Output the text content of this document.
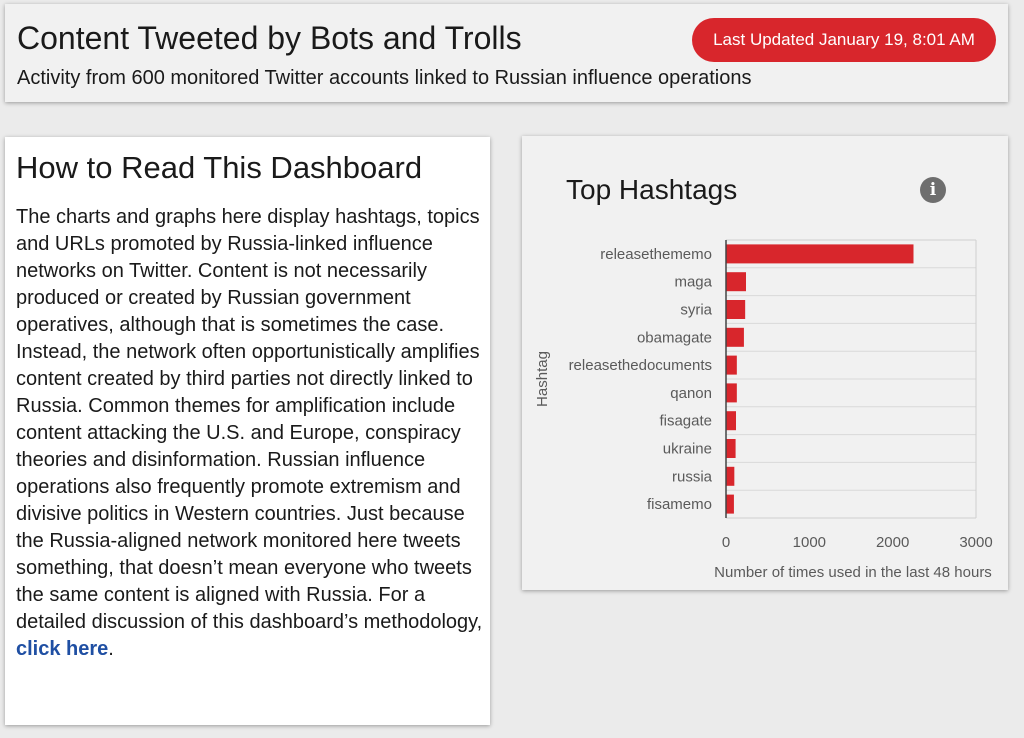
Content Tweeted by Bots and Trolls
Activity from 600 monitored Twitter accounts linked to Russian influence operations
Last Updated January 19, 8:01 AM
How to Read This Dashboard
The charts and graphs here display hashtags, topics and URLs promoted by Russia-linked influence networks on Twitter. Content is not necessarily produced or created by Russian government operatives, although that is sometimes the case. Instead, the network often opportunistically amplifies content created by third parties not directly linked to Russia. Common themes for amplification include content attacking the U.S. and Europe, conspiracy theories and disinformation. Russian influence operations also frequently promote extremism and divisive politics in Western countries. Just because the Russia-aligned network monitored here tweets something, that doesn’t mean everyone who tweets the same content is aligned with Russia. For a detailed discussion of this dashboard’s methodology, click here.
releasethememo
maga
syria
obamagate
releasethedocuments
qanon
fisagate
ukraine
russia
fisamemo
0	1000	2000	3000
Number of times used in the last 48 hours
Hashtag
Top Hashtags	i
